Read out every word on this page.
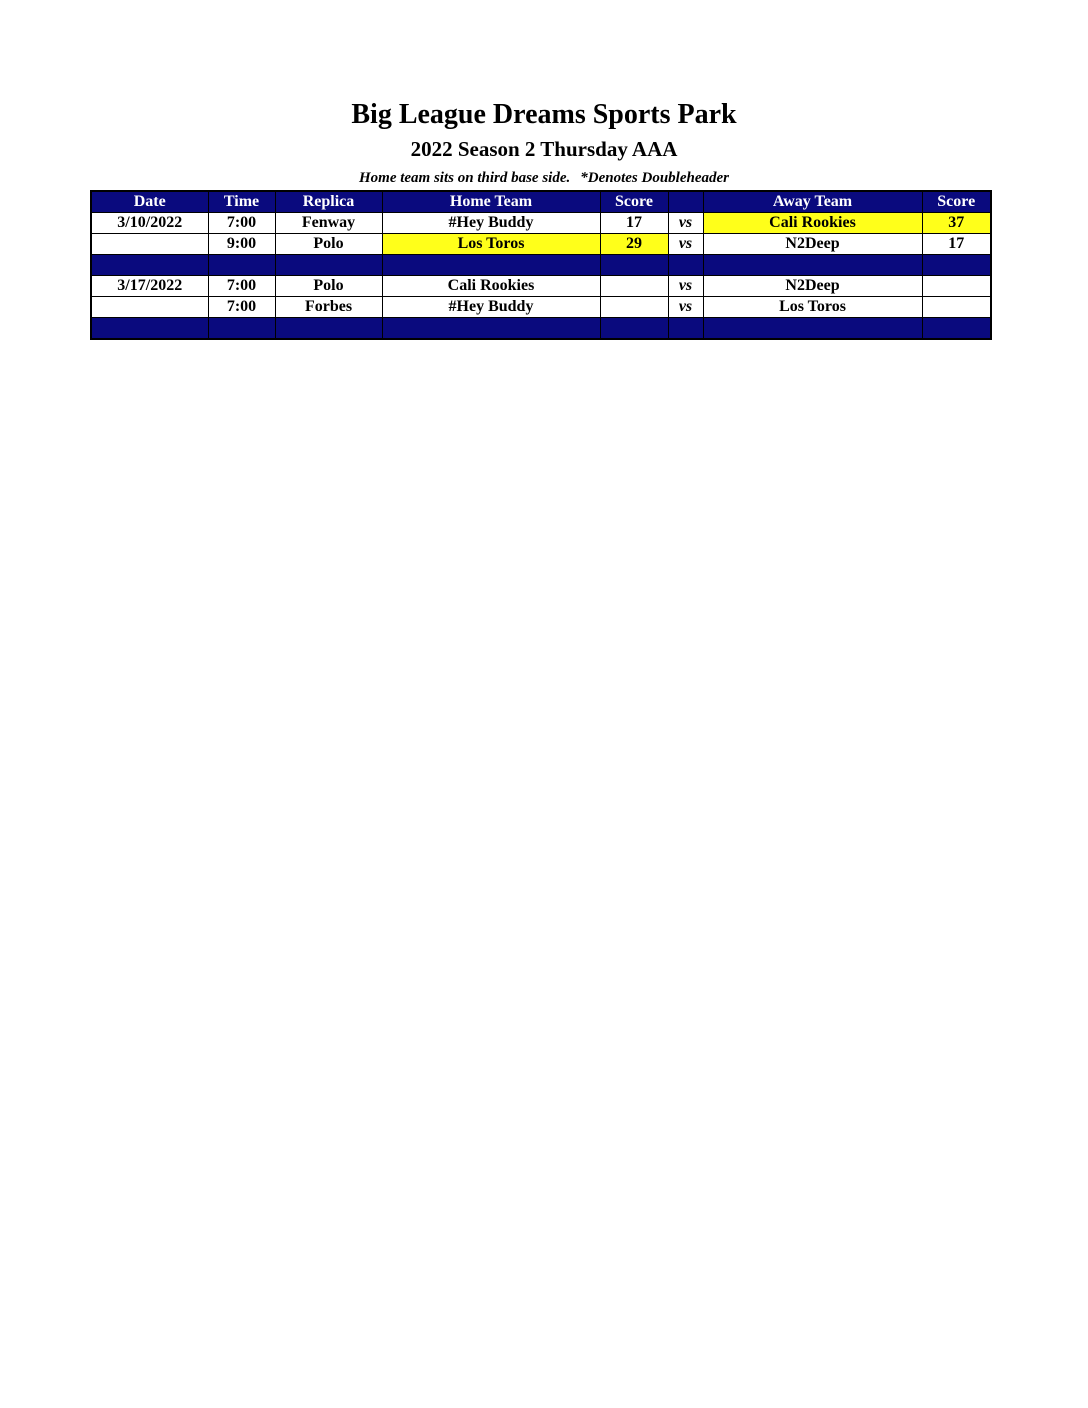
Big League Dreams Sports Park
2022 Season 2 Thursday AAA
Home team sits on third base side. *Denotes Doubleheader
Date	Time	Replica	Home Team	Score		Away Team	Score
3/10/2022	7:00	Fenway	#Hey Buddy	17	vs	Cali Rookies	37
	9:00	Polo	Los Toros	29	vs	N2Deep	17

3/17/2022	7:00	Polo	Cali Rookies		vs	N2Deep	
	7:00	Forbes	#Hey Buddy		vs	Los Toros	
